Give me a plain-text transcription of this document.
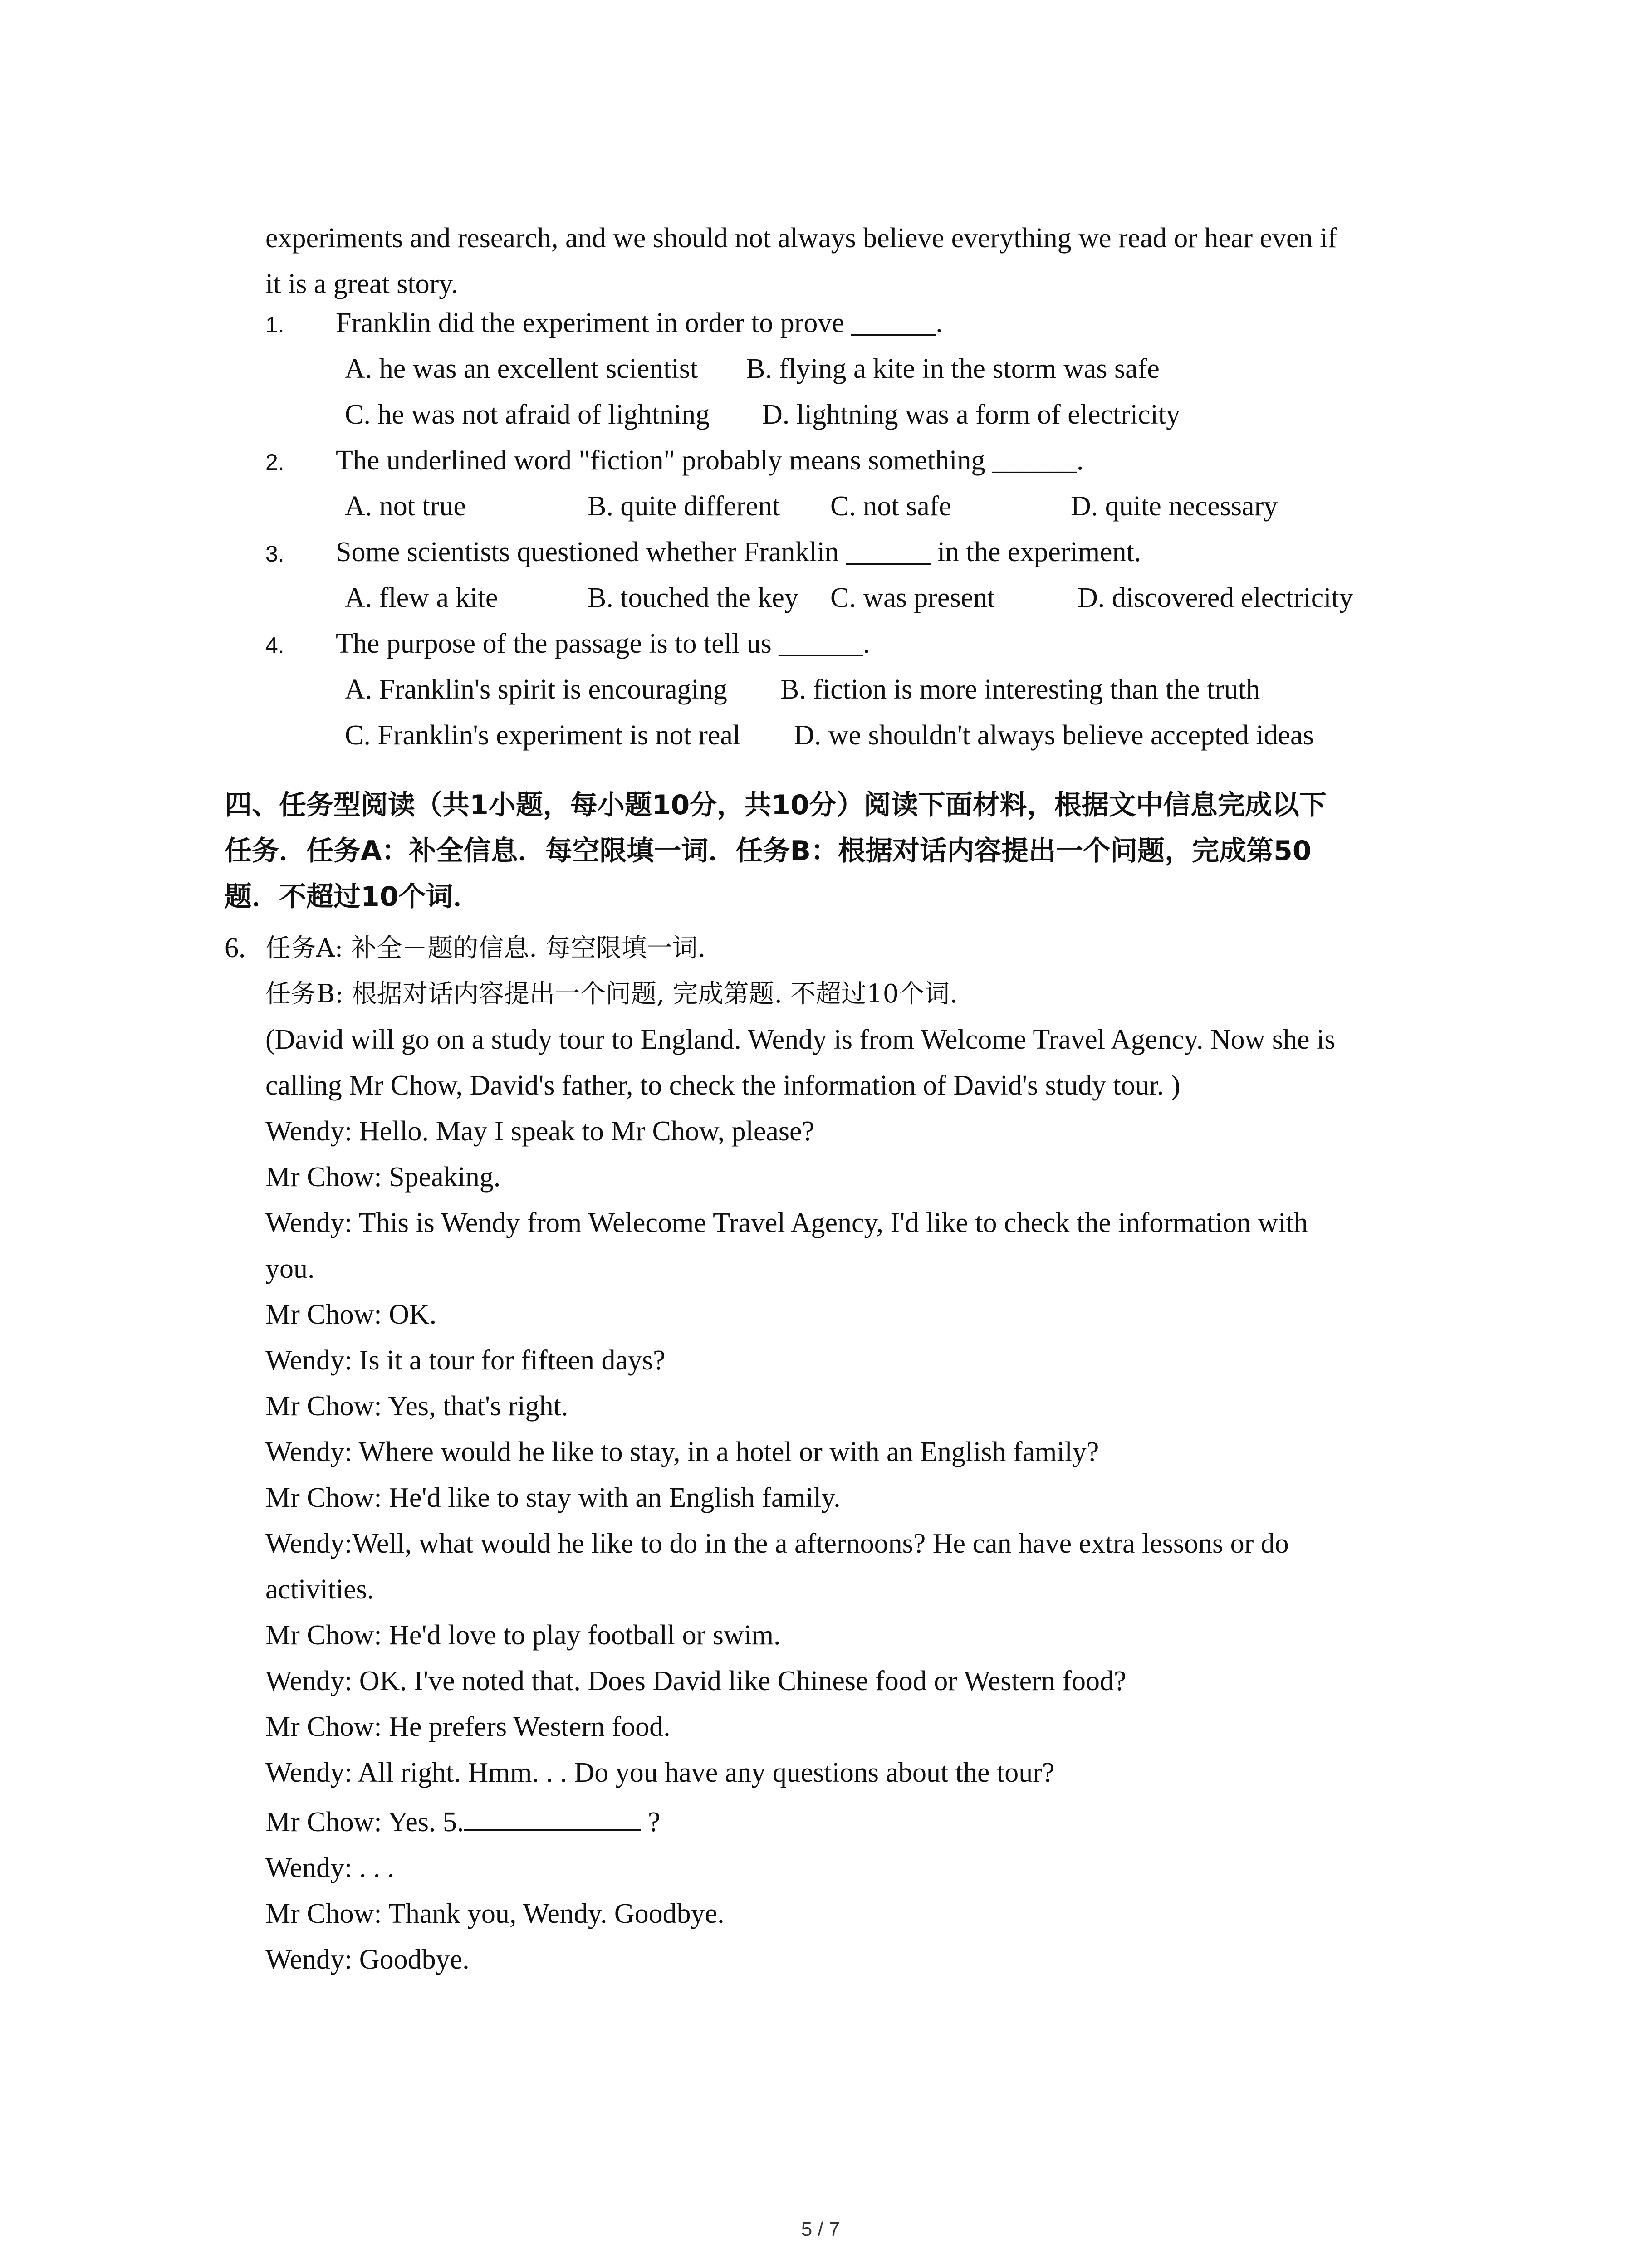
experiments and research, and we should not always believe everything we read or hear even if
it is a great story.
1. Franklin did the experiment in order to prove ______.
A. he was an excellent scientist B. flying a kite in the storm was safe
C. he was not afraid of lightning D. lightning was a form of electricity
2. The underlined word "fiction" probably means something ______.
A. not true	B. quite different C. not safe	D. quite necessary
3. Some scientists questioned whether Franklin ______ in the experiment.
A. flew a kite	B. touched the key C. was present	D. discovered electricity
4. The purpose of the passage is to tell us ______.
A. Franklin's spirit is encouraging B. fiction is more interesting than the truth
C. Franklin's experiment is not real D. we shouldn't always believe accepted ideas
四、任务型阅读（共1小题，每小题10分，共10分）阅读下面材料，根据文中信息完成以下
任务．任务A：补全信息．每空限填一词．任务B：根据对话内容提出一个问题，完成第50
题．不超过10个词．
6. 任务A: 补全－题的信息. 每空限填一词.
任务B: 根据对话内容提出一个问题, 完成第题. 不超过10个词.
(David will go on a study tour to England. Wendy is from Welcome Travel Agency. Now she is
calling Mr Chow, David's father, to check the information of David's study tour. )
Wendy: Hello. May I speak to Mr Chow, please?
Mr Chow: Speaking.
Wendy: This is Wendy from Welecome Travel Agency, I'd like to check the information with
you.
Mr Chow: OK.
Wendy: Is it a tour for fifteen days?
Mr Chow: Yes, that's right.
Wendy: Where would he like to stay, in a hotel or with an English family?
Mr Chow: He'd like to stay with an English family.
Wendy:Well, what would he like to do in the a afternoons? He can have extra lessons or do
activities.
Mr Chow: He'd love to play football or swim.
Wendy: OK. I've noted that. Does David like Chinese food or Western food?
Mr Chow: He prefers Western food.
Wendy: All right. Hmm. . . Do you have any questions about the tour?
Mr Chow: Yes. 5.	?
Wendy: . . .
Mr Chow: Thank you, Wendy. Goodbye.
Wendy: Goodbye.
5 / 7
